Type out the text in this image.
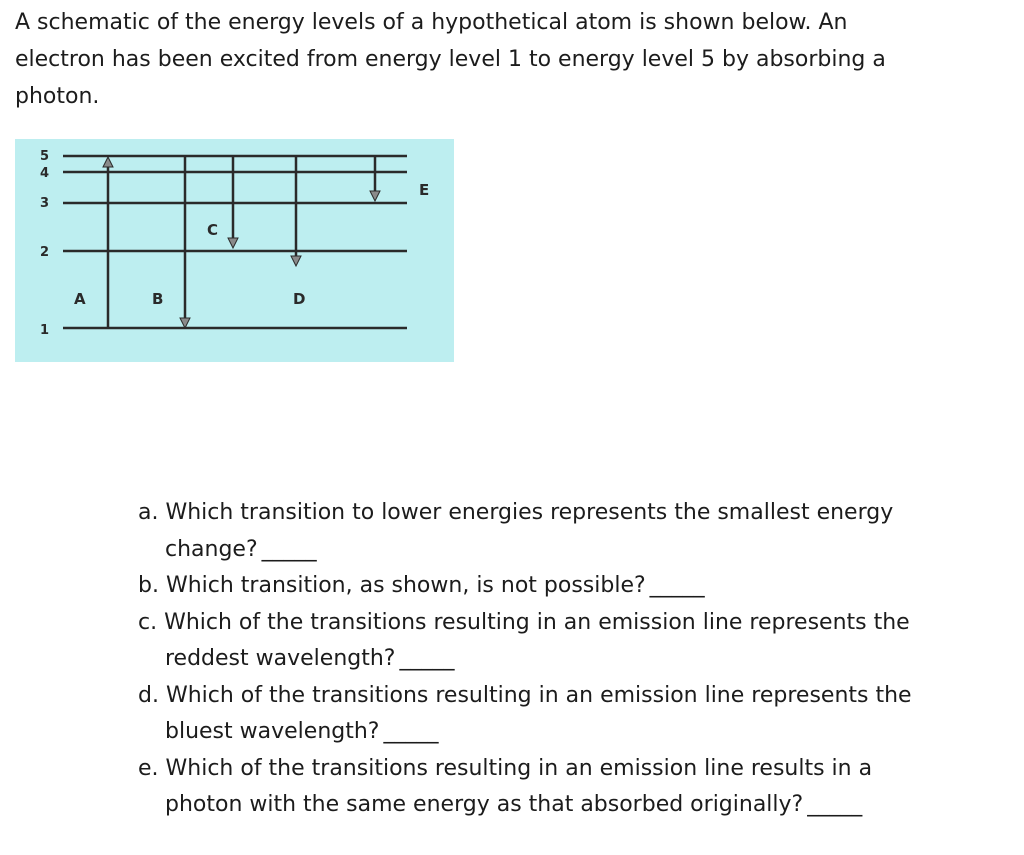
A schematic of the energy levels of a hypothetical atom is shown below. An electron has been excited from energy level 1 to energy level 5 by absorbing a photon.

5
4
3
2
1
A	B
C
D
E
a. Which transition to lower energies represents the smallest energy change? _____
b. Which transition, as shown, is not possible? _____
c. Which of the transitions resulting in an emission line represents the reddest wavelength? _____
d. Which of the transitions resulting in an emission line represents the bluest wavelength? _____
e. Which of the transitions resulting in an emission line results in a photon with the same energy as that absorbed originally? _____
